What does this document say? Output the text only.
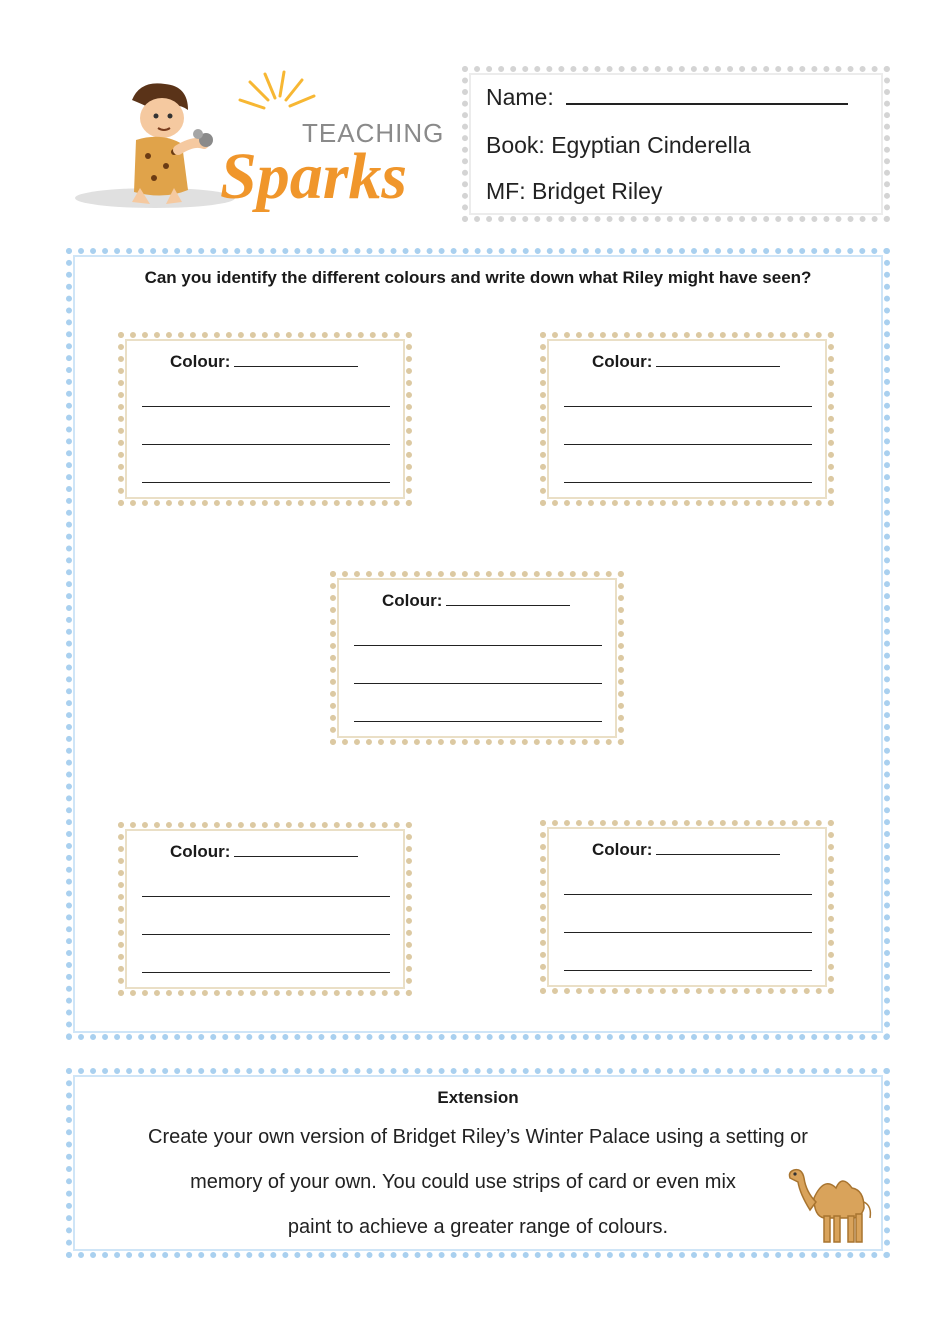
TEACHING
Sparks
Name:
Book: Egyptian Cinderella
MF: Bridget Riley
Can you identify the different colours and write down what Riley might have seen?
Colour:	Colour:
Colour:
Colour:	Colour:
Extension
Create your own version of Bridget Riley’s Winter Palace using a setting or
memory of your own. You could use strips of card or even mix
paint to achieve a greater range of colours.
